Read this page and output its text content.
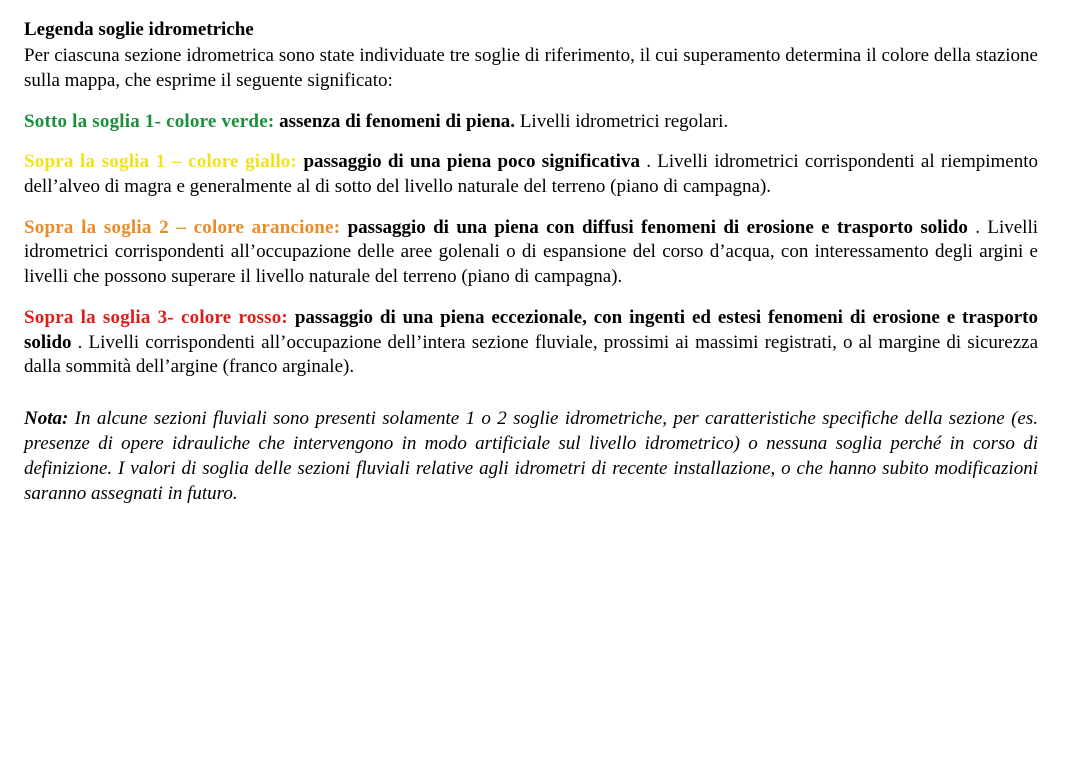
Legenda soglie idrometriche

Per ciascuna sezione idrometrica sono state individuate tre soglie di riferimento, il cui superamento determina il colore della stazione sulla mappa, che esprime il seguente significato:

Sotto la soglia 1- colore verde: assenza di fenomeni di piena. Livelli idrometrici regolari.

Sopra la soglia 1 – colore giallo: passaggio di una piena poco significativa . Livelli idrometrici corrispondenti al riempimento dell’alveo di magra e generalmente al di sotto del livello naturale del terreno (piano di campagna).

Sopra la soglia 2 – colore arancione: passaggio di una piena con diffusi fenomeni di erosione e trasporto solido . Livelli idrometrici corrispondenti all’occupazione delle aree golenali o di espansione del corso d’acqua, con interessamento degli argini e livelli che possono superare il livello naturale del terreno (piano di campagna).

Sopra la soglia 3- colore rosso: passaggio di una piena eccezionale, con ingenti ed estesi fenomeni di erosione e trasporto solido . Livelli corrispondenti all’occupazione dell’intera sezione fluviale, prossimi ai massimi registrati, o al margine di sicurezza dalla sommità dell’argine (franco arginale).

Nota: In alcune sezioni fluviali sono presenti solamente 1 o 2 soglie idrometriche, per caratteristiche specifiche della sezione (es. presenze di opere idrauliche che intervengono in modo artificiale sul livello idrometrico) o nessuna soglia perché in corso di definizione. I valori di soglia delle sezioni fluviali relative agli idrometri di recente installazione, o che hanno subito modificazioni saranno assegnati in futuro.
